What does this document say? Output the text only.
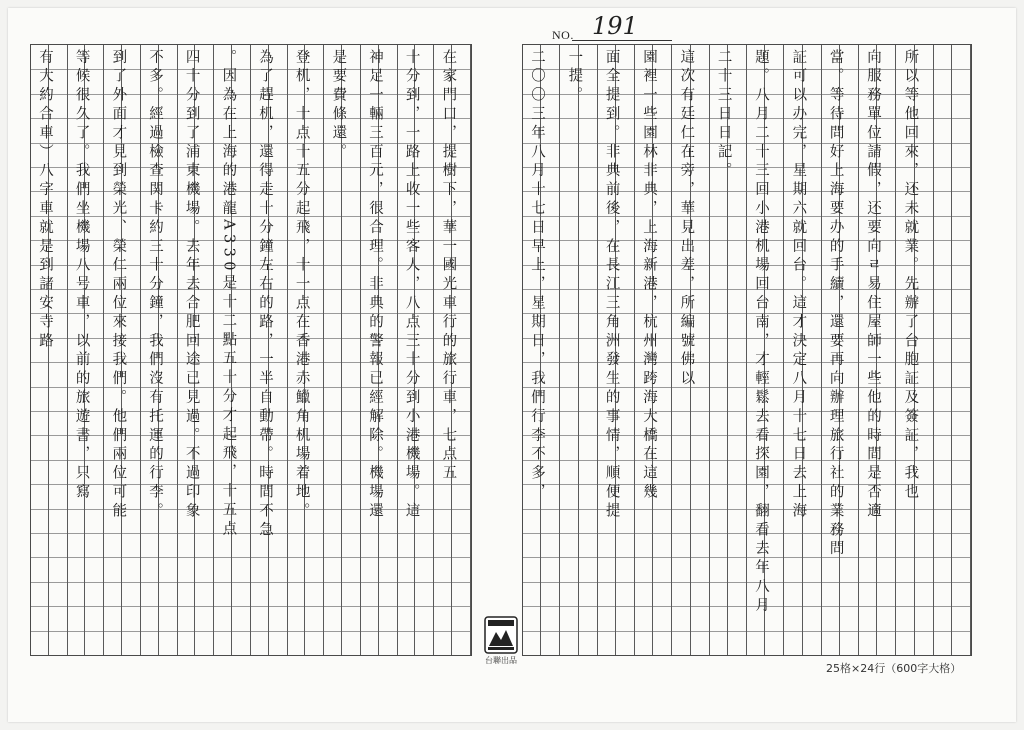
NO. 191
有大約合車）八字車就是到諸安寺路 等候很久了。我們坐機場八号車，以前的旅遊書，只寫 到了外面才見到榮光、榮仁兩位來接我們。他們兩位可能 不多。經過檢查関卡約三十分鐘，我們沒有托運的行李。 四十分到了浦東機場。去年去合肥回途已見過。不過印象 。因為在上海的港龍A330是十二點五十分才起飛，十五点 為了趕机，還得走十分鐘左右的路，一半自動帶。時間不急 登机，十点十五分起飛，十一点在香港赤鱲角机場着地。 是要費條還。 神足一輛三百元，很合理。非典的警報已經解除。機場還 十分到，一路上收一些客人，八点三十分到小港機場。這 在家門口，提樹下，華一國光車行的旅行車，七点五	二〇〇三年八月十七日早上，星期日，我們行李不多， 一提。 面全提到。非典前後，在長江三角洲發生的事情，順便提 園裡一些園林非典，上海新港，杭州灣跨海大橋在這幾 這次有廷仁在旁，華見出差，所編號佛以 二十三日日記。 題。八月二十三回小港机場回台南，才輕鬆去看探園，翻看去年八月 証可以办完，星期六就回台。這才決定八月十七日去上海 當。等待問好上海要办的手續，還要再向辦理旅行社的業務問 向服務單位請假，还要向ㄹ易住屋師一些他的時間是否適 所以等他回來，还未就業。先辦了台胞証及簽証，我也
台聯出品
25格×24行（600字大格）
